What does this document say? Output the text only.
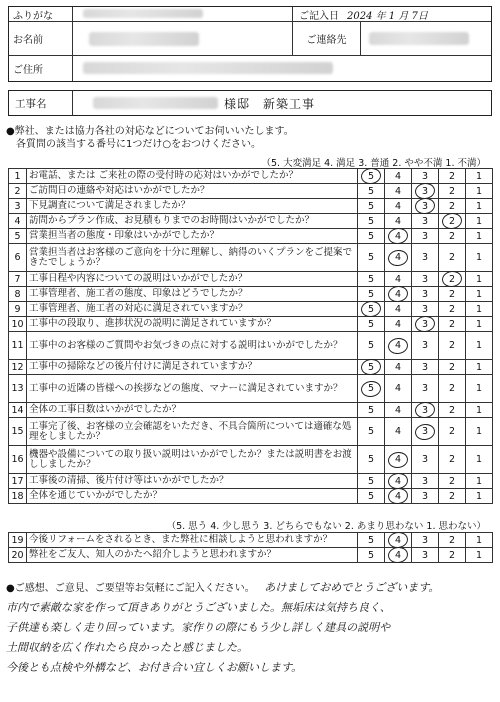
ふりがな	ご記入日 2024 年 1 月 7日
お名前	ご連絡先
ご住所
工事名	様邸　新築工事
●弊社、または協力各社の対応などについてお伺いいたします。
各質問の該当する番号に1つだけ○をおつけください。
（5. 大変満足 4. 満足 3. 普通 2. やや不満 1. 不満）
1	お電話、または ご来社の際の受付時の応対はいかがでしたか？	5	4	3	2	1
2	ご訪問日の連絡や対応はいかがでしたか？	5	4	3	2	1
3	下見調査について満足されましたか？	5	4	3	2	1
4	訪問からプラン作成、お見積もりまでのお時間はいかがでしたか？	5	4	3	2	1
5	営業担当者の態度・印象はいかがでしたか？	5	4	3	2	1
6	営業担当者はお客様のご意向を十分に理解し、納得のいくプランをご提案できたでしょうか？	5	4	3	2	1
7	工事日程や内容についての説明はいかがでしたか？	5	4	3	2	1
8	工事管理者、施工者の態度、印象はどうでしたか？	5	4	3	2	1
9	工事管理者、施工者の対応に満足されていますか？	5	4	3	2	1
10	工事中の段取り、進捗状況の説明に満足されていますか？	5	4	3	2	1
11	工事中のお客様のご質問やお気づきの点に対する説明はいかがでしたか？	5	4	3	2	1
12	工事中の掃除などの後片付けに満足されていますか？	5	4	3	2	1
13	工事中の近隣の皆様への挨拶などの態度、マナーに満足されていますか？	5	4	3	2	1
14	全体の工事日数はいかがでしたか？	5	4	3	2	1
15	工事完了後、お客様の立会確認をいただき、不具合箇所については適確な処理をしましたか？	5	4	3	2	1
16	機器や設備についての取り扱い説明はいかがでしたか？または説明書をお渡ししましたか？	5	4	3	2	1
17	工事後の清掃、後片付け等はいかがでしたか？	5	4	3	2	1
18	全体を通じていかがでしたか？	5	4	3	2	1
（5. 思う 4. 少し思う 3. どちらでもない 2. あまり思わない 1. 思わない）
19	今後リフォームをされるとき、また弊社に相談しようと思われますか？	5	4	3	2	1
20	弊社をご友人、知人のかたへ紹介しようと思われますか？	5	4	3	2	1
●ご感想、ご意見、ご要望等お気軽にご記入ください。 あけましておめでとうございます。
市内で素敵な家を作って頂きありがとうございました。無垢床は気持ち良く、
子供達も楽しく走り回っています。家作りの際にもう少し詳しく建具の説明や
土間収納を広く作れたら良かったと感じました。
今後とも点検や外構など、お付き合い宜しくお願いします。
